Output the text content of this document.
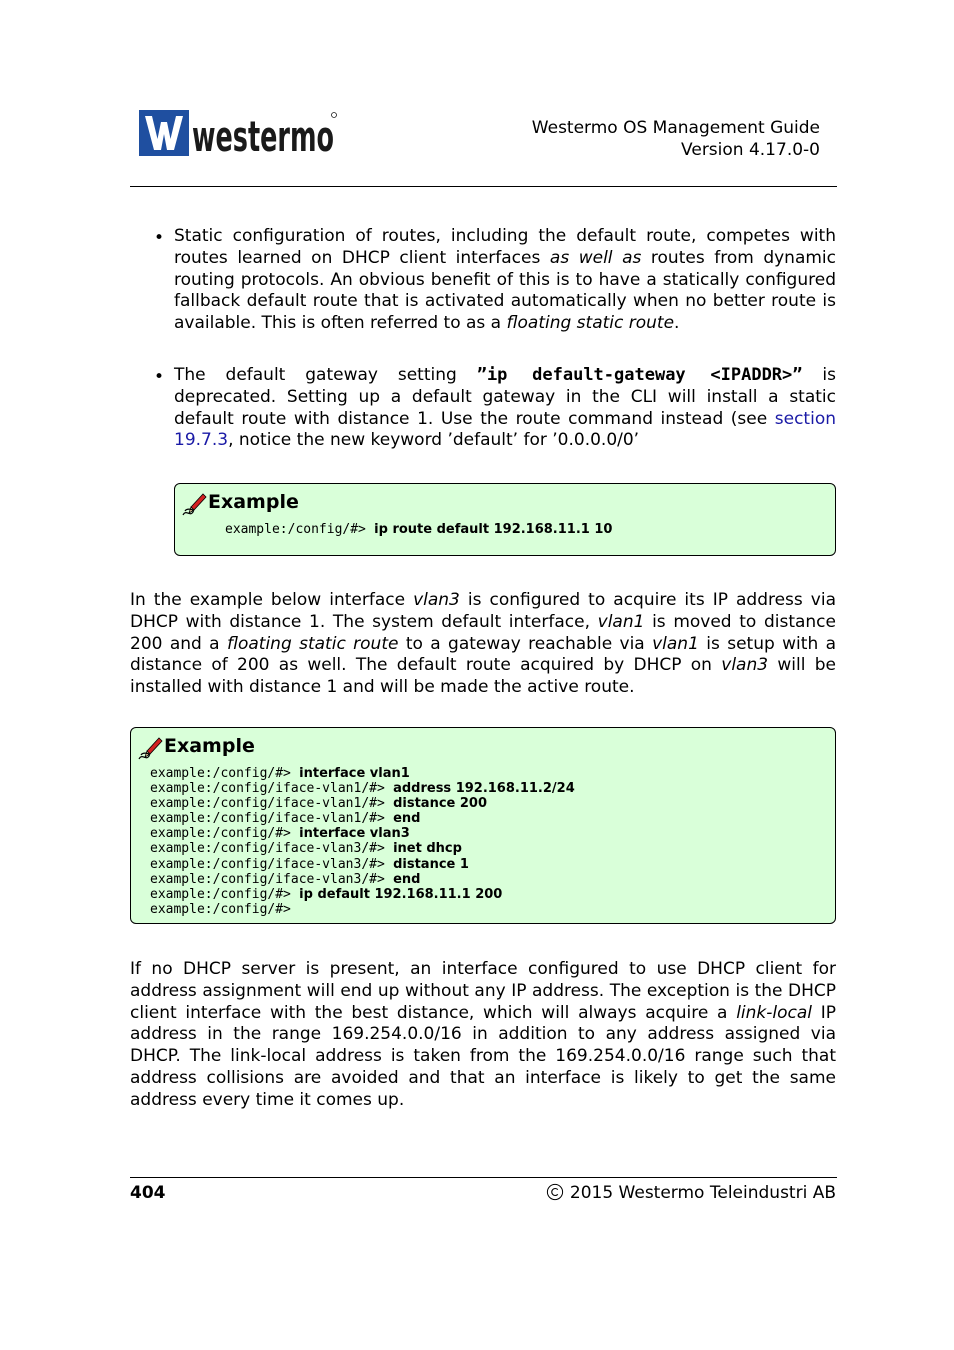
westermo	Westermo OS Management Guide
Version 4.17.0-0
• Static configuration of routes, including the default route, competes with routes learned on DHCP client interfaces as well as routes from dynamic routing protocols. An obvious benefit of this is to have a statically configured fallback default route that is activated automatically when no better route is available. This is often referred to as a floating static route.

• The default gateway setting ”ip default-gateway <IPADDR>” is deprecated. Setting up a default gateway in the CLI will install a static default route with distance 1. Use the route command instead (see section 19.7.3, notice the new keyword ’default’ for ’0.0.0.0/0’

Example
example:/config/#> ip route default 192.168.11.1 10

In the example below interface vlan3 is configured to acquire its IP address via DHCP with distance 1. The system default interface, vlan1 is moved to distance 200 and a floating static route to a gateway reachable via vlan1 is setup with a distance of 200 as well. The default route acquired by DHCP on vlan3 will be installed with distance 1 and will be made the active route.

Example
example:/config/#> interface vlan1
example:/config/iface-vlan1/#> address 192.168.11.2/24
example:/config/iface-vlan1/#> distance 200
example:/config/iface-vlan1/#> end
example:/config/#> interface vlan3
example:/config/iface-vlan3/#> inet dhcp
example:/config/iface-vlan3/#> distance 1
example:/config/iface-vlan3/#> end
example:/config/#> ip default 192.168.11.1 200
example:/config/#>

If no DHCP server is present, an interface configured to use DHCP client for address assignment will end up without any IP address. The exception is the DHCP client interface with the best distance, which will always acquire a link-local IP address in the range 169.254.0.0/16 in addition to any address assigned via DHCP. The link-local address is taken from the 169.254.0.0/16 range such that address collisions are avoided and that an interface is likely to get the same address every time it comes up.

404	2015 Westermo Teleindustri AB
